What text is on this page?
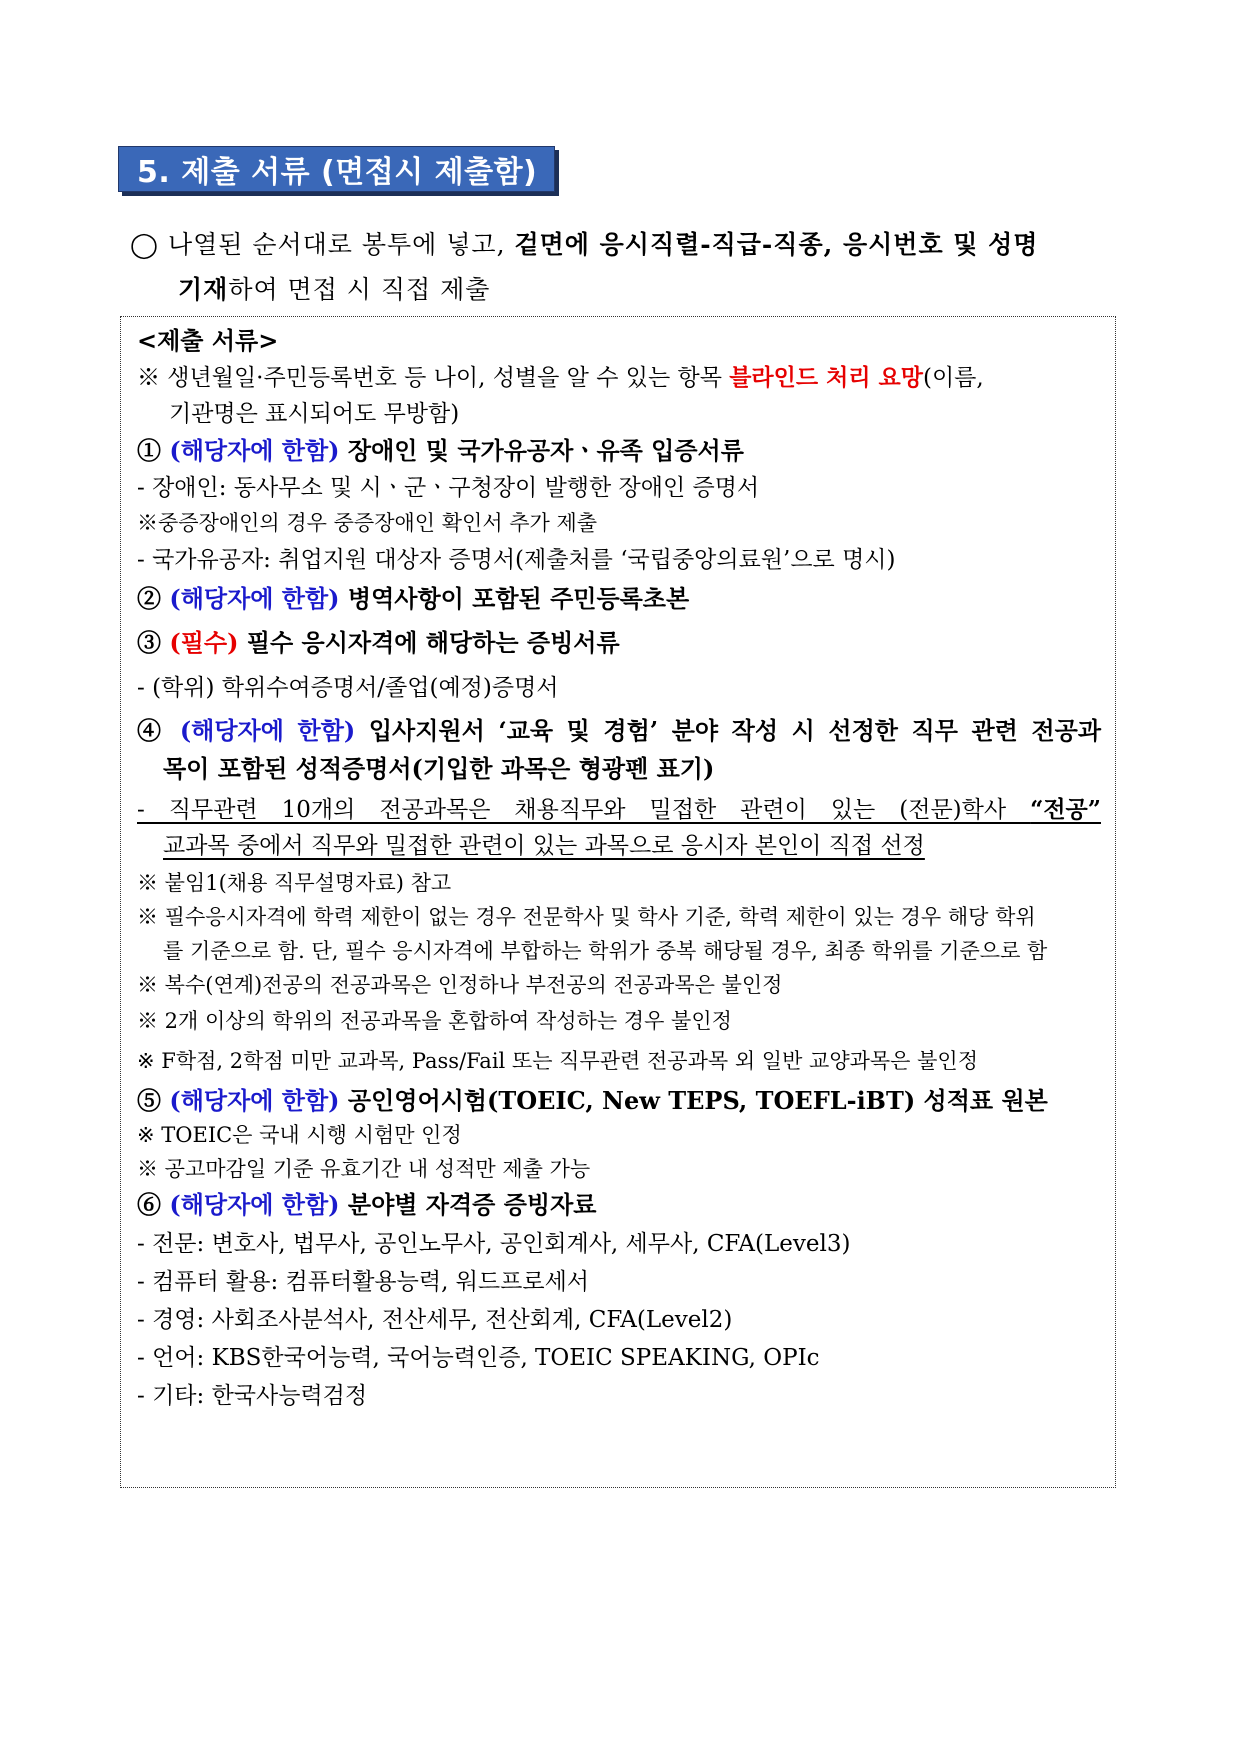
5. 제출 서류 (면접시 제출함)
◯ 나열된 순서대로 봉투에 넣고, 겉면에 응시직렬-직급-직종, 응시번호 및 성명
기재하여 면접 시 직접 제출
<제출 서류>
※ 생년월일·주민등록번호 등 나이, 성별을 알 수 있는 항목 블라인드 처리 요망(이름,
기관명은 표시되어도 무방함)
① (해당자에 한함) 장애인 및 국가유공자ㆍ유족 입증서류
- 장애인: 동사무소 및 시ㆍ군ㆍ구청장이 발행한 장애인 증명서
※중증장애인의 경우 중증장애인 확인서 추가 제출
- 국가유공자: 취업지원 대상자 증명서(제출처를 ‘국립중앙의료원’으로 명시)
② (해당자에 한함) 병역사항이 포함된 주민등록초본
③ (필수) 필수 응시자격에 해당하는 증빙서류
- (학위) 학위수여증명서/졸업(예정)증명서
④ (해당자에 한함) 입사지원서 ‘교육 및 경험’ 분야 작성 시 선정한 직무 관련 전공과
목이 포함된 성적증명서(기입한 과목은 형광펜 표기)
- 직무관련 10개의 전공과목은 채용직무와 밀접한 관련이 있는 (전문)학사 “전공”
교과목 중에서 직무와 밀접한 관련이 있는 과목으로 응시자 본인이 직접 선정
※ 붙임1(채용 직무설명자료) 참고
※ 필수응시자격에 학력 제한이 없는 경우 전문학사 및 학사 기준, 학력 제한이 있는 경우 해당 학위
를 기준으로 함. 단, 필수 응시자격에 부합하는 학위가 중복 해당될 경우, 최종 학위를 기준으로 함
※ 복수(연계)전공의 전공과목은 인정하나 부전공의 전공과목은 불인정
※ 2개 이상의 학위의 전공과목을 혼합하여 작성하는 경우 불인정
※ F학점, 2학점 미만 교과목, Pass/Fail 또는 직무관련 전공과목 외 일반 교양과목은 불인정
⑤ (해당자에 한함) 공인영어시험(TOEIC, New TEPS, TOEFL-iBT) 성적표 원본
※ TOEIC은 국내 시행 시험만 인정
※ 공고마감일 기준 유효기간 내 성적만 제출 가능
⑥ (해당자에 한함) 분야별 자격증 증빙자료
- 전문: 변호사, 법무사, 공인노무사, 공인회계사, 세무사, CFA(Level3)
- 컴퓨터 활용: 컴퓨터활용능력, 워드프로세서
- 경영: 사회조사분석사, 전산세무, 전산회계, CFA(Level2)
- 언어: KBS한국어능력, 국어능력인증, TOEIC SPEAKING, OPIc
- 기타: 한국사능력검정
